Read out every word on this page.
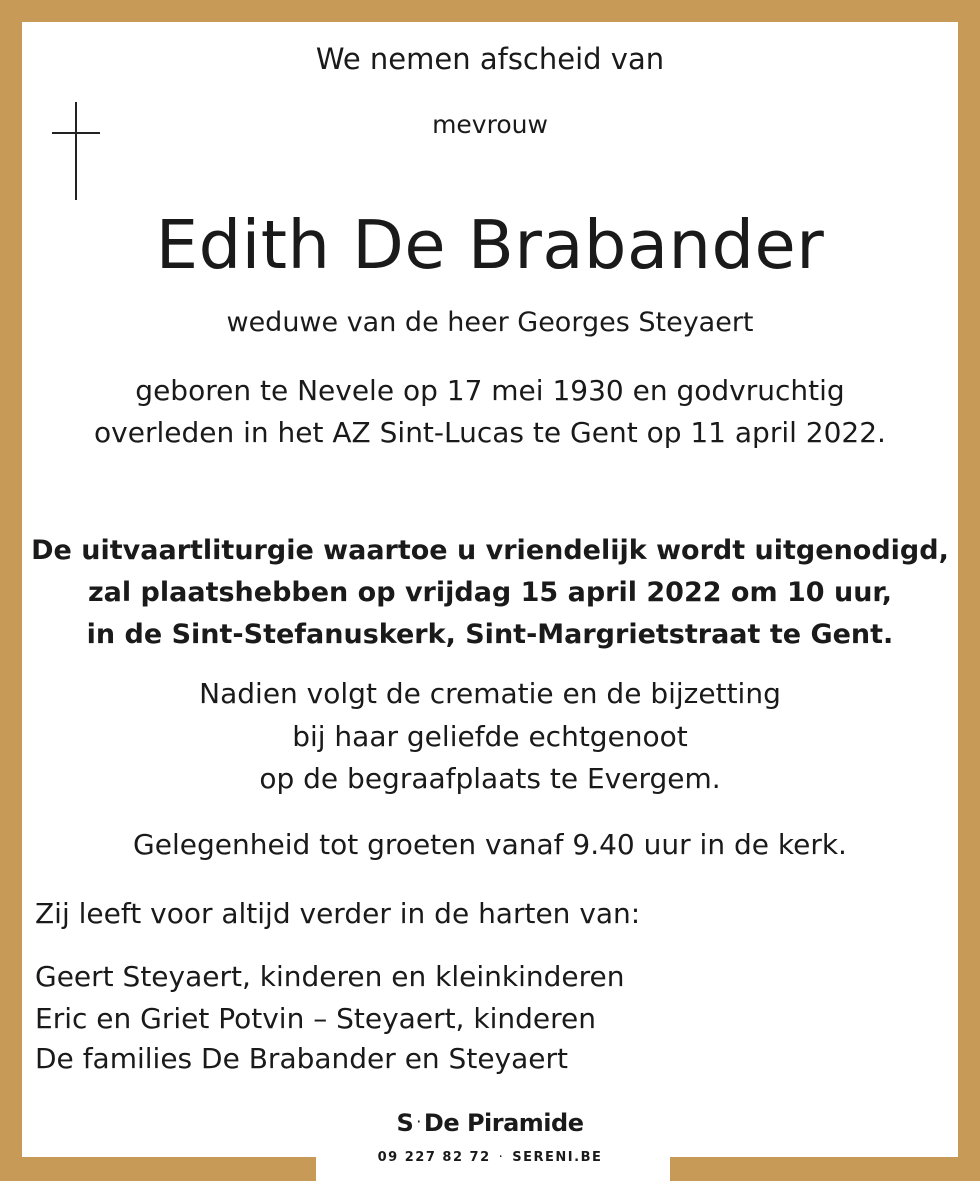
We nemen afscheid van
mevrouw
Edith De Brabander
weduwe van de heer Georges Steyaert
geboren te Nevele op 17 mei 1930 en godvruchtig
overleden in het AZ Sint-Lucas te Gent op 11 april 2022.
De uitvaartliturgie waartoe u vriendelijk wordt uitgenodigd,
zal plaatshebben op vrijdag 15 april 2022 om 10 uur,
in de Sint-Stefanuskerk, Sint-Margrietstraat te Gent.
Nadien volgt de crematie en de bijzetting
bij haar geliefde echtgenoot
op de begraafplaats te Evergem.
Gelegenheid tot groeten vanaf 9.40 uur in de kerk.
Zij leeft voor altijd verder in de harten van:
Geert Steyaert, kinderen en kleinkinderen
Eric en Griet Potvin – Steyaert, kinderen
De families De Brabander en Steyaert
S · De Piramide
09 227 82 72 · SERENI.BE
